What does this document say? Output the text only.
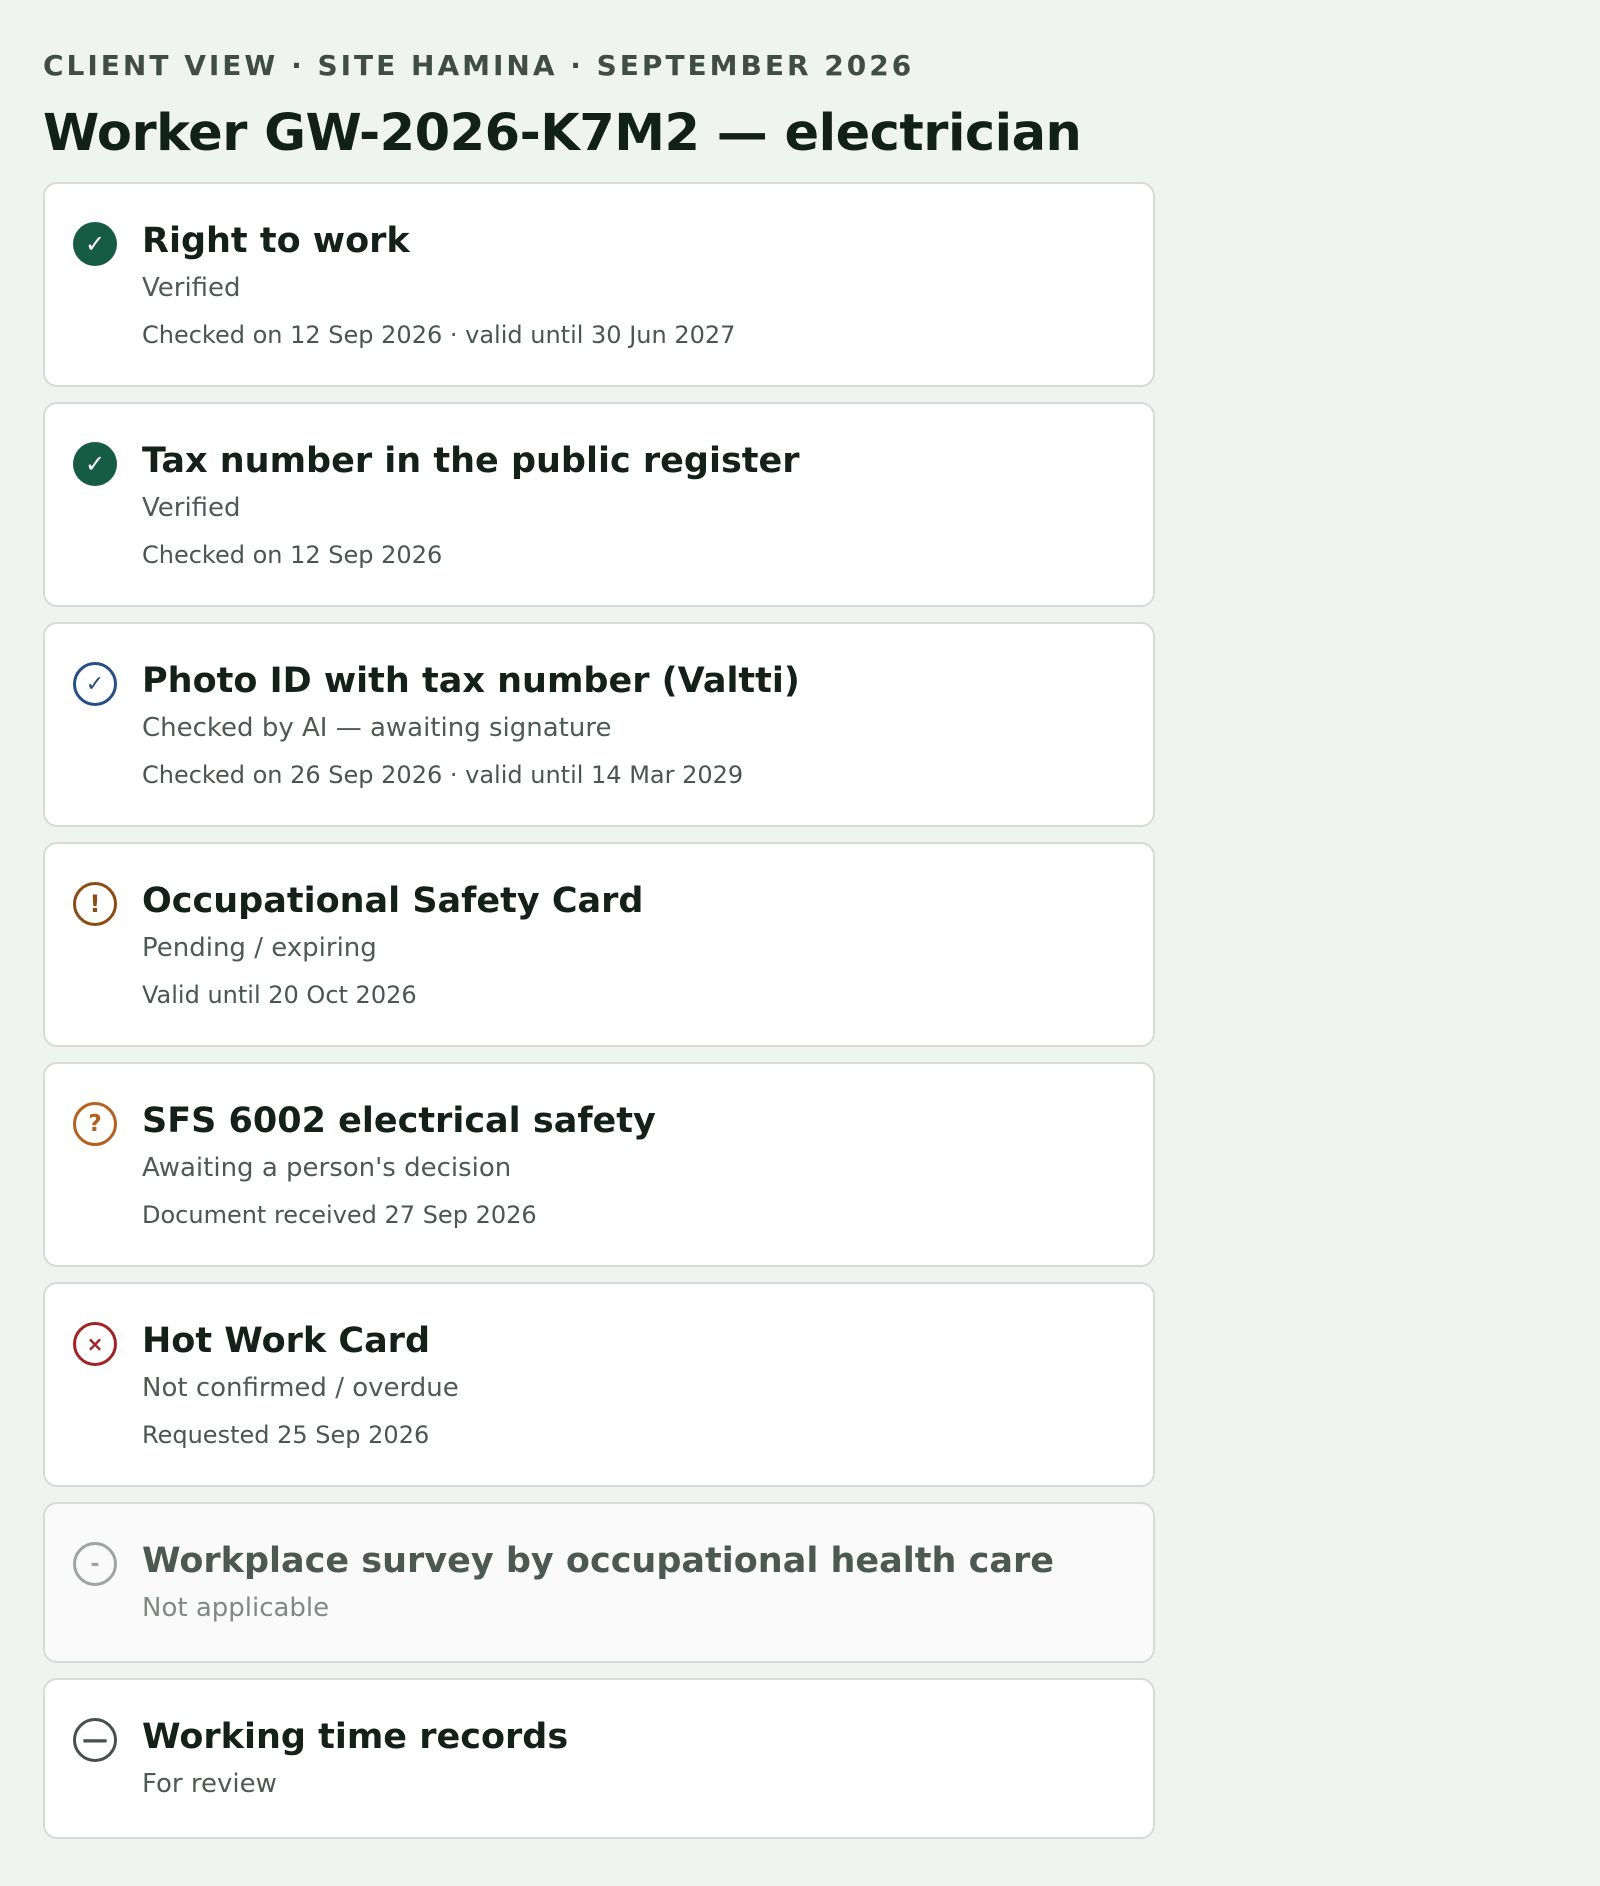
CLIENT VIEW · SITE HAMINA · SEPTEMBER 2026
Worker GW-2026-K7M2 — electrician
✓	Right to work
Verified
Checked on 12 Sep 2026 · valid until 30 Jun 2027
✓	Tax number in the public register
Verified
Checked on 12 Sep 2026
✓	Photo ID with tax number (Valtti)
Checked by AI — awaiting signature
Checked on 26 Sep 2026 · valid until 14 Mar 2029
!	Occupational Safety Card
Pending / expiring
Valid until 20 Oct 2026
?	SFS 6002 electrical safety
Awaiting a person's decision
Document received 27 Sep 2026
×	Hot Work Card
Not confirmed / overdue
Requested 25 Sep 2026
-	Workplace survey by occupational health care
Not applicable
— Working time records
For review
